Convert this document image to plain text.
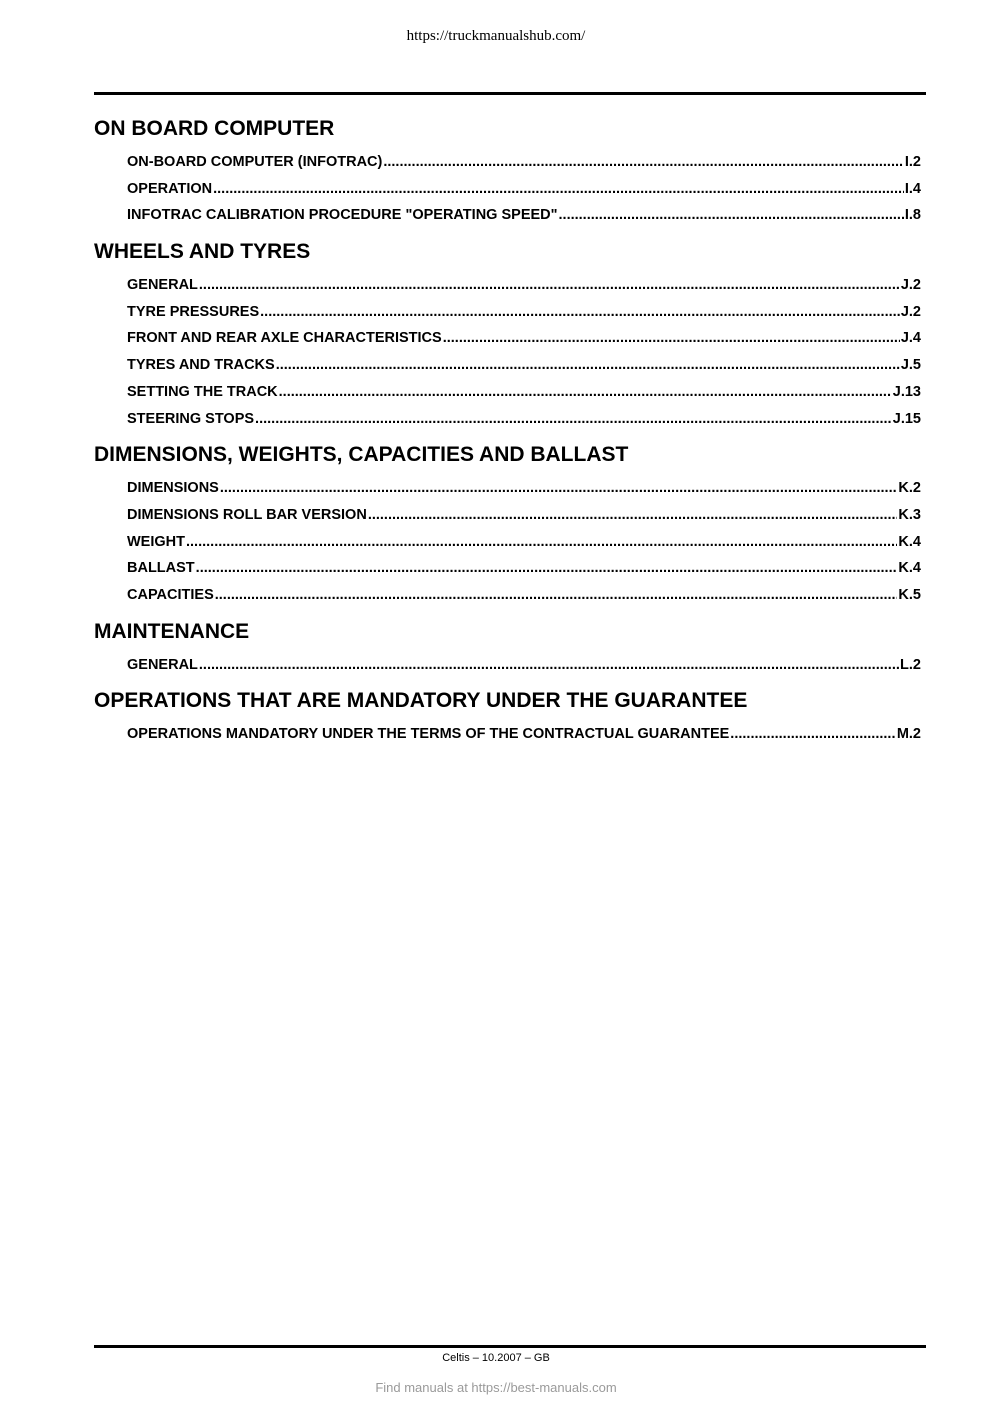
https://truckmanualshub.com/
ON BOARD COMPUTER
ON-BOARD COMPUTER (INFOTRAC) .....	I.2
OPERATION .....	I.4
INFOTRAC CALIBRATION PROCEDURE "OPERATING SPEED" .....	I.8
WHEELS AND TYRES
GENERAL .....	J.2
TYRE PRESSURES .....	J.2
FRONT AND REAR AXLE CHARACTERISTICS .....	J.4
TYRES AND TRACKS .....	J.5
SETTING THE TRACK .....	J.13
STEERING STOPS .....	J.15
DIMENSIONS, WEIGHTS, CAPACITIES AND BALLAST
DIMENSIONS .....	K.2
DIMENSIONS ROLL BAR VERSION .....	K.3
WEIGHT .....	K.4
BALLAST .....	K.4
CAPACITIES .....	K.5
MAINTENANCE
GENERAL .....	L.2
OPERATIONS THAT ARE MANDATORY UNDER THE GUARANTEE
OPERATIONS MANDATORY UNDER THE TERMS OF THE CONTRACTUAL GUARANTEE .....	M.2
Celtis – 10.2007 – GB
Find manuals at https://best-manuals.com
